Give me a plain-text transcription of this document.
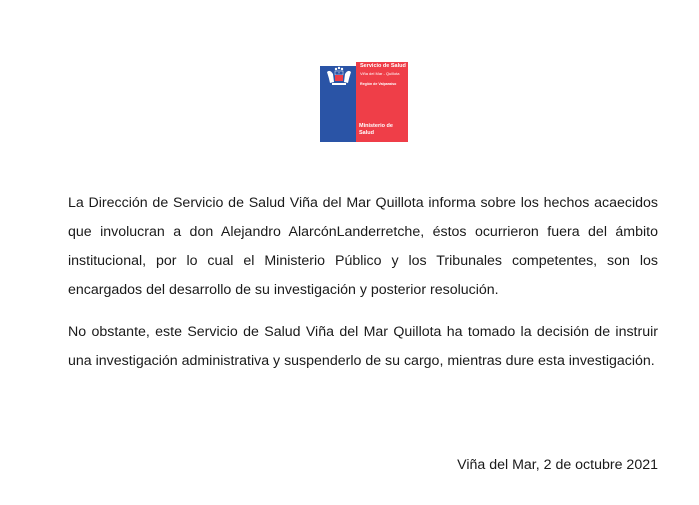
Servicio de Salud
Viña del Mar - Quillota
Región de Valparaíso
Ministerio de Salud

La Dirección de Servicio de Salud Viña del Mar Quillota informa sobre los hechos acaecidos que involucran a don Alejandro AlarcónLanderretche, éstos ocurrieron fuera del ámbito institucional, por lo cual el Ministerio Público y los Tribunales competentes, son los encargados del desarrollo de su investigación y posterior resolución.

No obstante, este Servicio de Salud Viña del Mar Quillota ha tomado la decisión de instruir una investigación administrativa y suspenderlo de su cargo, mientras dure esta investigación.

Viña del Mar, 2 de octubre 2021
